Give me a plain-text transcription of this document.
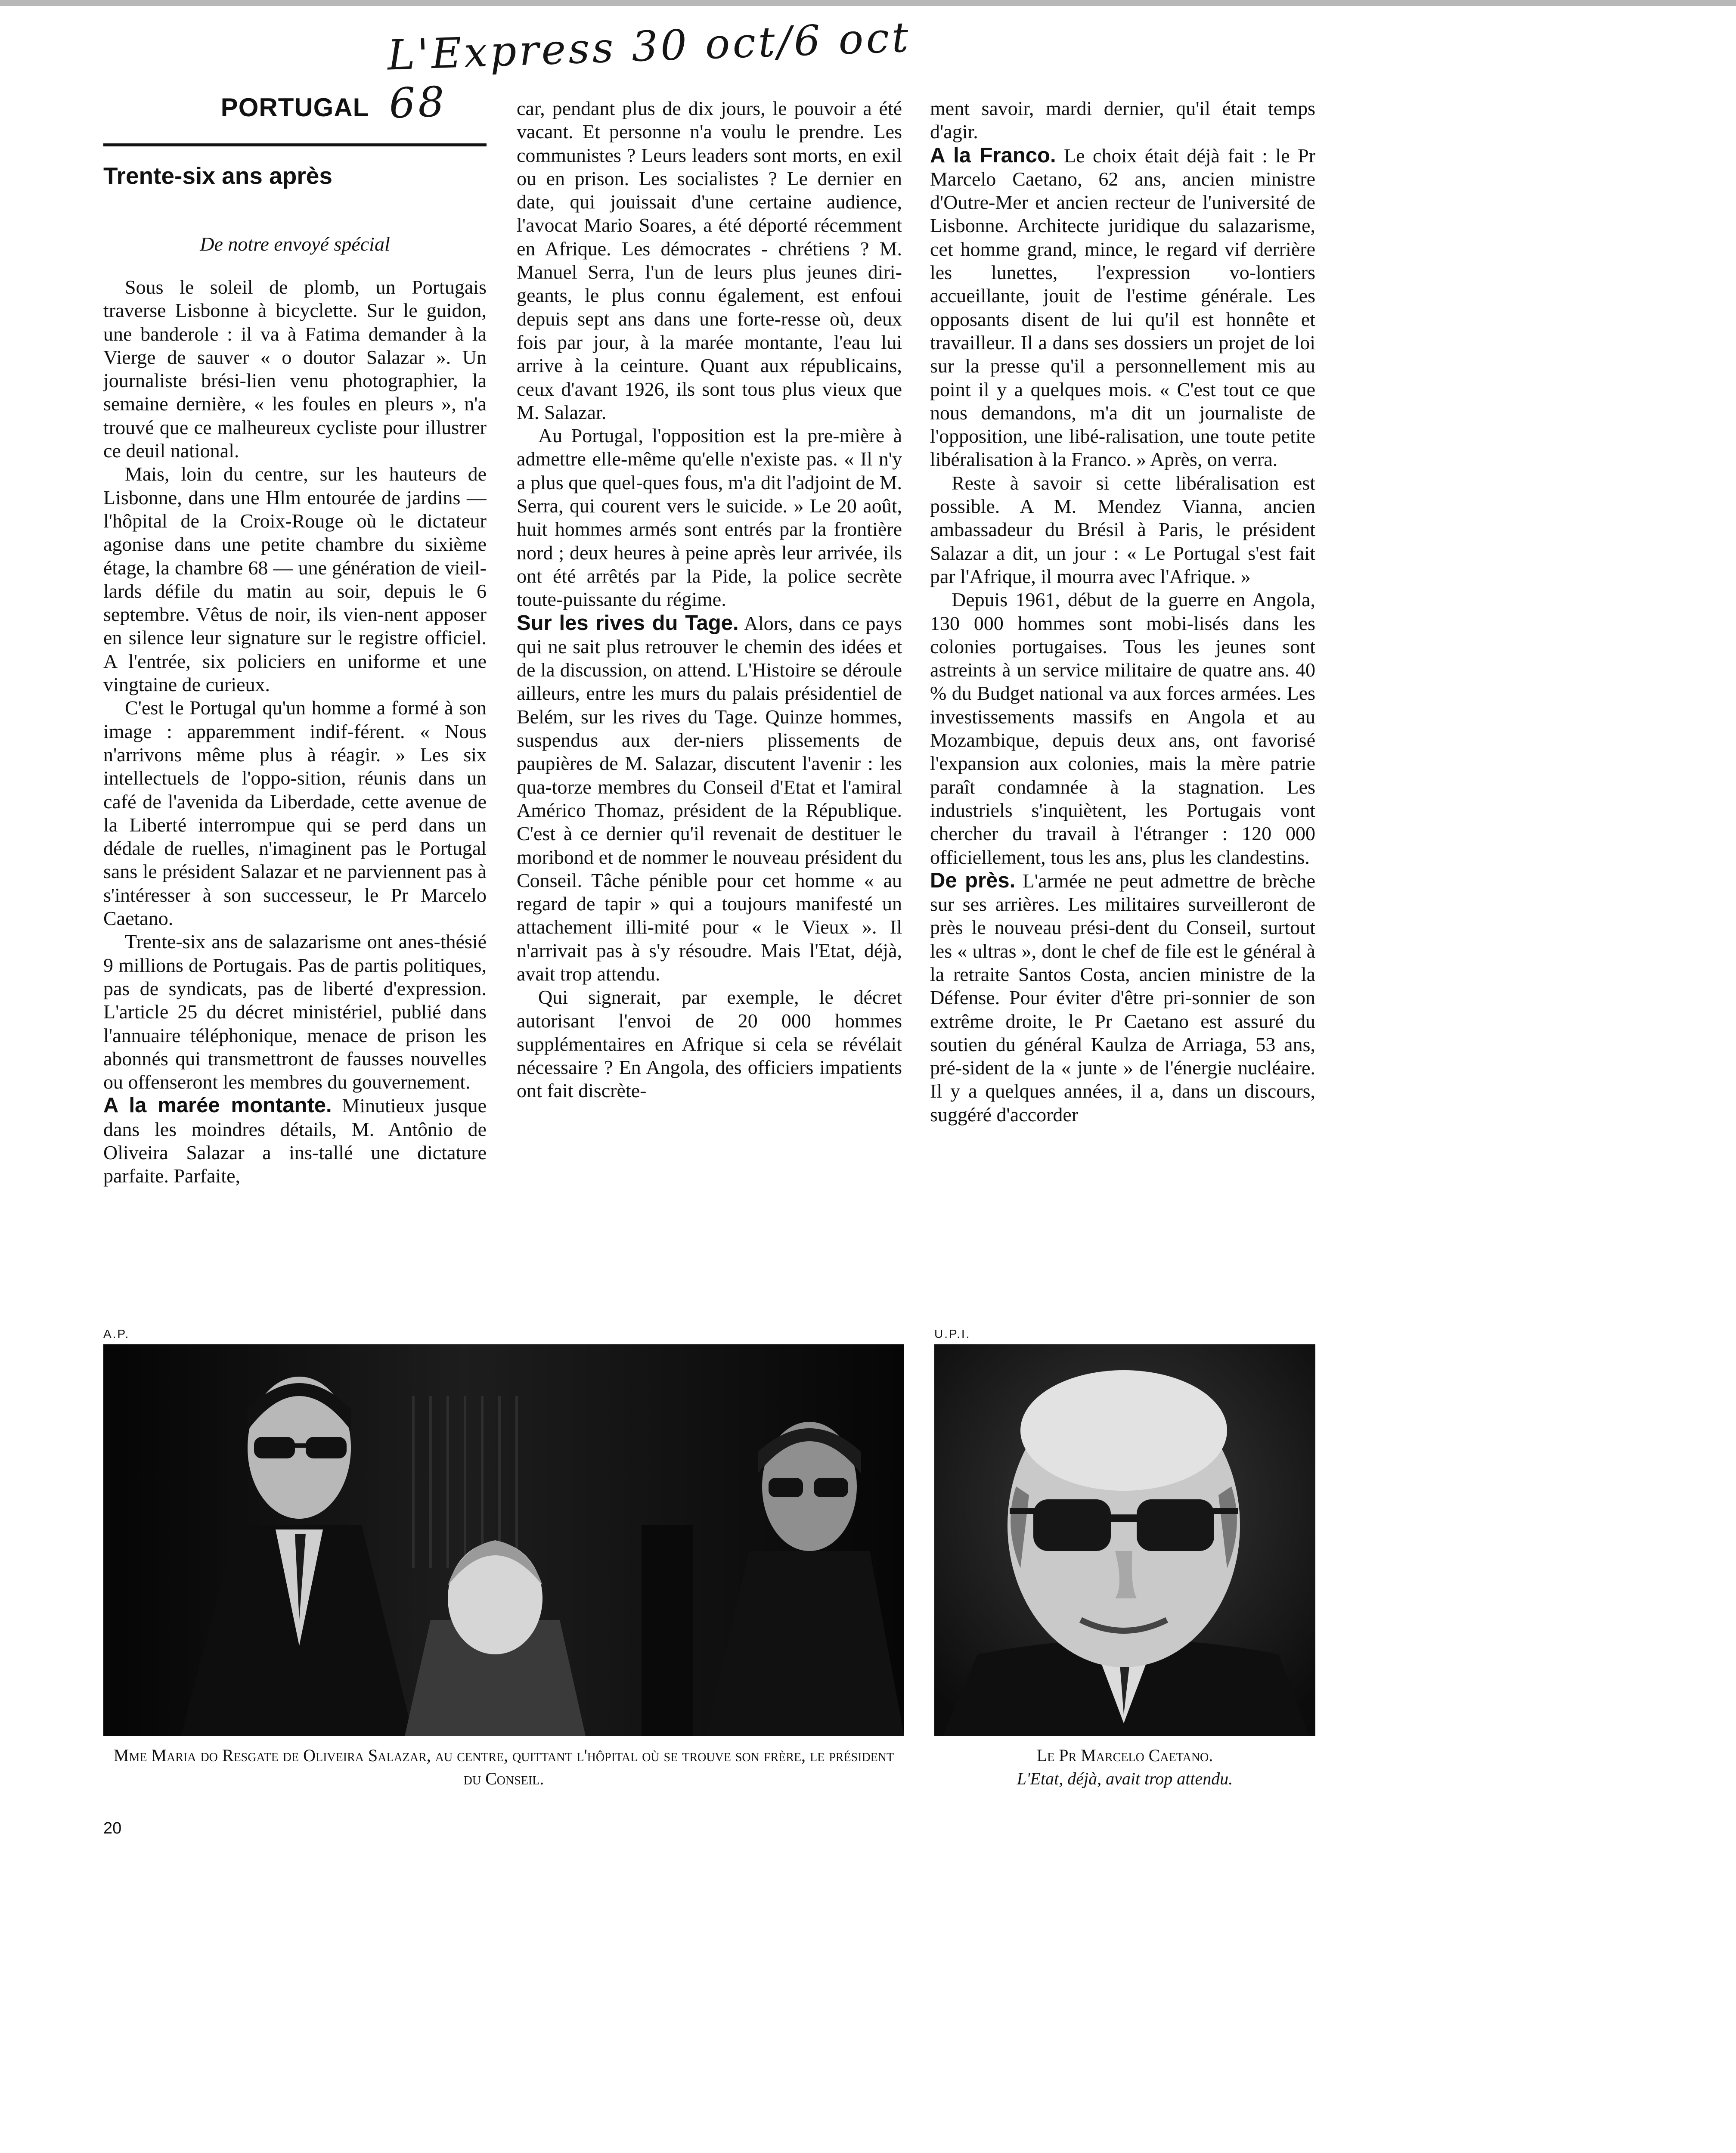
L'Express 30 oct/6 oct 68
PORTUGAL
Trente-six ans après
De notre envoyé spécial

Sous le soleil de plomb, un Portugais traverse Lisbonne à bicyclette. Sur le guidon, une banderole : il va à Fatima demander à la Vierge de sauver « o doutor Salazar ». Un journaliste brési-lien venu photographier, la semaine dernière, « les foules en pleurs », n'a trouvé que ce malheureux cycliste pour illustrer ce deuil national.

Mais, loin du centre, sur les hauteurs de Lisbonne, dans une Hlm entourée de jardins — l'hôpital de la Croix-Rouge où le dictateur agonise dans une petite chambre du sixième étage, la chambre 68 — une génération de vieil-lards défile du matin au soir, depuis le 6 septembre. Vêtus de noir, ils vien-nent apposer en silence leur signature sur le registre officiel. A l'entrée, six policiers en uniforme et une vingtaine de curieux.

C'est le Portugal qu'un homme a formé à son image : apparemment indif-férent. « Nous n'arrivons même plus à réagir. » Les six intellectuels de l'oppo-sition, réunis dans un café de l'avenida da Liberdade, cette avenue de la Liberté interrompue qui se perd dans un dédale de ruelles, n'imaginent pas le Portugal sans le président Salazar et ne parviennent pas à s'intéresser à son successeur, le Pr Marcelo Caetano.

Trente-six ans de salazarisme ont anes-thésié 9 millions de Portugais. Pas de partis politiques, pas de syndicats, pas de liberté d'expression. L'article 25 du décret ministériel, publié dans l'annuaire téléphonique, menace de prison les abonnés qui transmettront de fausses nouvelles ou offenseront les membres du gouvernement.

A la marée montante. Minutieux jusque dans les moindres détails, M. Antônio de Oliveira Salazar a ins-tallé une dictature parfaite. Parfaite,

car, pendant plus de dix jours, le pouvoir a été vacant. Et personne n'a voulu le prendre. Les communistes ? Leurs leaders sont morts, en exil ou en prison. Les socialistes ? Le dernier en date, qui jouissait d'une certaine audience, l'avocat Mario Soares, a été déporté récemment en Afrique. Les démocrates - chrétiens ? M. Manuel Serra, l'un de leurs plus jeunes diri-geants, le plus connu également, est enfoui depuis sept ans dans une forte-resse où, deux fois par jour, à la marée montante, l'eau lui arrive à la ceinture. Quant aux républicains, ceux d'avant 1926, ils sont tous plus vieux que M. Salazar.

Au Portugal, l'opposition est la pre-mière à admettre elle-même qu'elle n'existe pas. « Il n'y a plus que quel-ques fous, m'a dit l'adjoint de M. Serra, qui courent vers le suicide. » Le 20 août, huit hommes armés sont entrés par la frontière nord ; deux heures à peine après leur arrivée, ils ont été arrêtés par la Pide, la police secrète toute-puissante du régime.

Sur les rives du Tage. Alors, dans ce pays qui ne sait plus retrouver le chemin des idées et de la discussion, on attend. L'Histoire se déroule ailleurs, entre les murs du palais présidentiel de Belém, sur les rives du Tage. Quinze hommes, suspendus aux der-niers plissements de paupières de M. Salazar, discutent l'avenir : les qua-torze membres du Conseil d'Etat et l'amiral Américo Thomaz, président de la République. C'est à ce dernier qu'il revenait de destituer le moribond et de nommer le nouveau président du Conseil. Tâche pénible pour cet homme « au regard de tapir » qui a toujours manifesté un attachement illi-mité pour « le Vieux ». Il n'arrivait pas à s'y résoudre. Mais l'Etat, déjà, avait trop attendu.

Qui signerait, par exemple, le décret autorisant l'envoi de 20 000 hommes supplémentaires en Afrique si cela se révélait nécessaire ? En Angola, des officiers impatients ont fait discrète-

ment savoir, mardi dernier, qu'il était temps d'agir.

A la Franco. Le choix était déjà fait : le Pr Marcelo Caetano, 62 ans, ancien ministre d'Outre-Mer et ancien recteur de l'université de Lisbonne. Architecte juridique du salazarisme, cet homme grand, mince, le regard vif derrière les lunettes, l'expression vo-lontiers accueillante, jouit de l'estime générale. Les opposants disent de lui qu'il est honnête et travailleur. Il a dans ses dossiers un projet de loi sur la presse qu'il a personnellement mis au point il y a quelques mois. « C'est tout ce que nous demandons, m'a dit un journaliste de l'opposition, une libé-ralisation, une toute petite libéralisation à la Franco. » Après, on verra.

Reste à savoir si cette libéralisation est possible. A M. Mendez Vianna, ancien ambassadeur du Brésil à Paris, le président Salazar a dit, un jour : « Le Portugal s'est fait par l'Afrique, il mourra avec l'Afrique. »

Depuis 1961, début de la guerre en Angola, 130 000 hommes sont mobi-lisés dans les colonies portugaises. Tous les jeunes sont astreints à un service militaire de quatre ans. 40 % du Budget national va aux forces armées. Les investissements massifs en Angola et au Mozambique, depuis deux ans, ont favorisé l'expansion aux colonies, mais la mère patrie paraît condamnée à la stagnation. Les industriels s'inquiètent, les Portugais vont chercher du travail à l'étranger : 120 000 officiellement, tous les ans, plus les clandestins.

De près. L'armée ne peut admettre de brèche sur ses arrières. Les militaires surveilleront de près le nouveau prési-dent du Conseil, surtout les « ultras », dont le chef de file est le général à la retraite Santos Costa, ancien ministre de la Défense. Pour éviter d'être pri-sonnier de son extrême droite, le Pr Caetano est assuré du soutien du général Kaulza de Arriaga, 53 ans, pré-sident de la « junte » de l'énergie nucléaire. Il y a quelques années, il a, dans un discours, suggéré d'accorder

A.P.	U.P.I.
Mme Maria do Resgate de Oliveira Salazar, au centre, quittant l'hôpital où se trouve son frère, le président du Conseil.
Le Pr Marcelo Caetano.
L'Etat, déjà, avait trop attendu.
20
